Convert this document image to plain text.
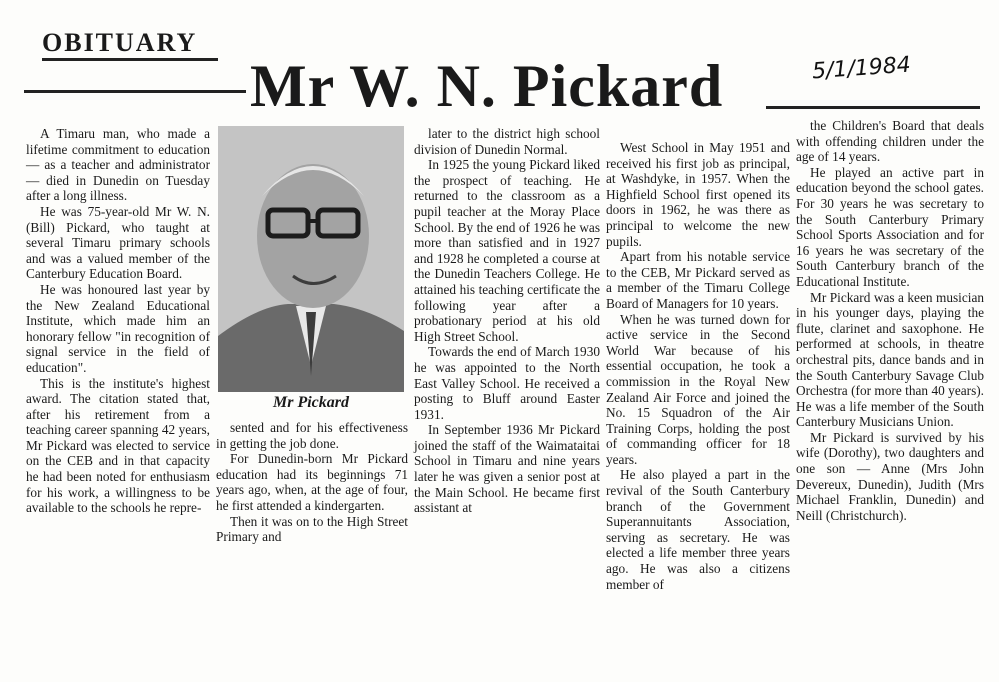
OBITUARY
Mr W. N. Pickard	5/1/1984

A Timaru man, who made a lifetime commitment to education — as a teacher and administrator — died in Dunedin on Tuesday after a long illness.

He was 75-year-old Mr W. N. (Bill) Pickard, who taught at several Timaru primary schools and was a valued member of the Canterbury Education Board.

He was honoured last year by the New Zealand Educational Institute, which made him an honorary fellow "in recognition of signal service in the field of education".

This is the institute's highest award. The citation stated that, after his retirement from a teaching career spanning 42 years, Mr Pickard was elected to service on the CEB and in that capacity he had been noted for enthusiasm for his work, a willingness to be available to the schools he repre-

Mr Pickard

sented and for his effectiveness in getting the job done.

For Dunedin-born Mr Pickard education had its beginnings 71 years ago, when, at the age of four, he first attended a kindergarten.

Then it was on to the High Street Primary and

later to the district high school division of Dunedin Normal.

In 1925 the young Pickard liked the prospect of teaching. He returned to the classroom as a pupil teacher at the Moray Place School. By the end of 1926 he was more than satisfied and in 1927 and 1928 he completed a course at the Dunedin Teachers College. He attained his teaching certificate the following year after a probationary period at his old High Street School.

Towards the end of March 1930 he was appointed to the North East Valley School. He received a posting to Bluff around Easter 1931.

In September 1936 Mr Pickard joined the staff of the Waimataitai School in Timaru and nine years later he was given a senior post at the Main School. He became first assistant at

West School in May 1951 and received his first job as principal, at Washdyke, in 1957. When the Highfield School first opened its doors in 1962, he was there as principal to welcome the new pupils.

Apart from his notable service to the CEB, Mr Pickard served as a member of the Timaru College Board of Managers for 10 years.

When he was turned down for active service in the Second World War because of his essential occupation, he took a commission in the Royal New Zealand Air Force and joined the No. 15 Squadron of the Air Training Corps, holding the post of commanding officer for 18 years.

He also played a part in the revival of the South Canterbury branch of the Government Superannuitants Association, serving as secretary. He was elected a life member three years ago. He was also a citizens member of

the Children's Board that deals with offending children under the age of 14 years.

He played an active part in education beyond the school gates. For 30 years he was secretary to the South Canterbury Primary School Sports Association and for 16 years he was secretary of the South Canterbury branch of the Educational Institute.

Mr Pickard was a keen musician in his younger days, playing the flute, clarinet and saxophone. He performed at schools, in theatre orchestral pits, dance bands and in the South Canterbury Savage Club Orchestra (for more than 40 years). He was a life member of the South Canterbury Musicians Union.

Mr Pickard is survived by his wife (Dorothy), two daughters and one son — Anne (Mrs John Devereux, Dunedin), Judith (Mrs Michael Franklin, Dunedin) and Neill (Christchurch).
